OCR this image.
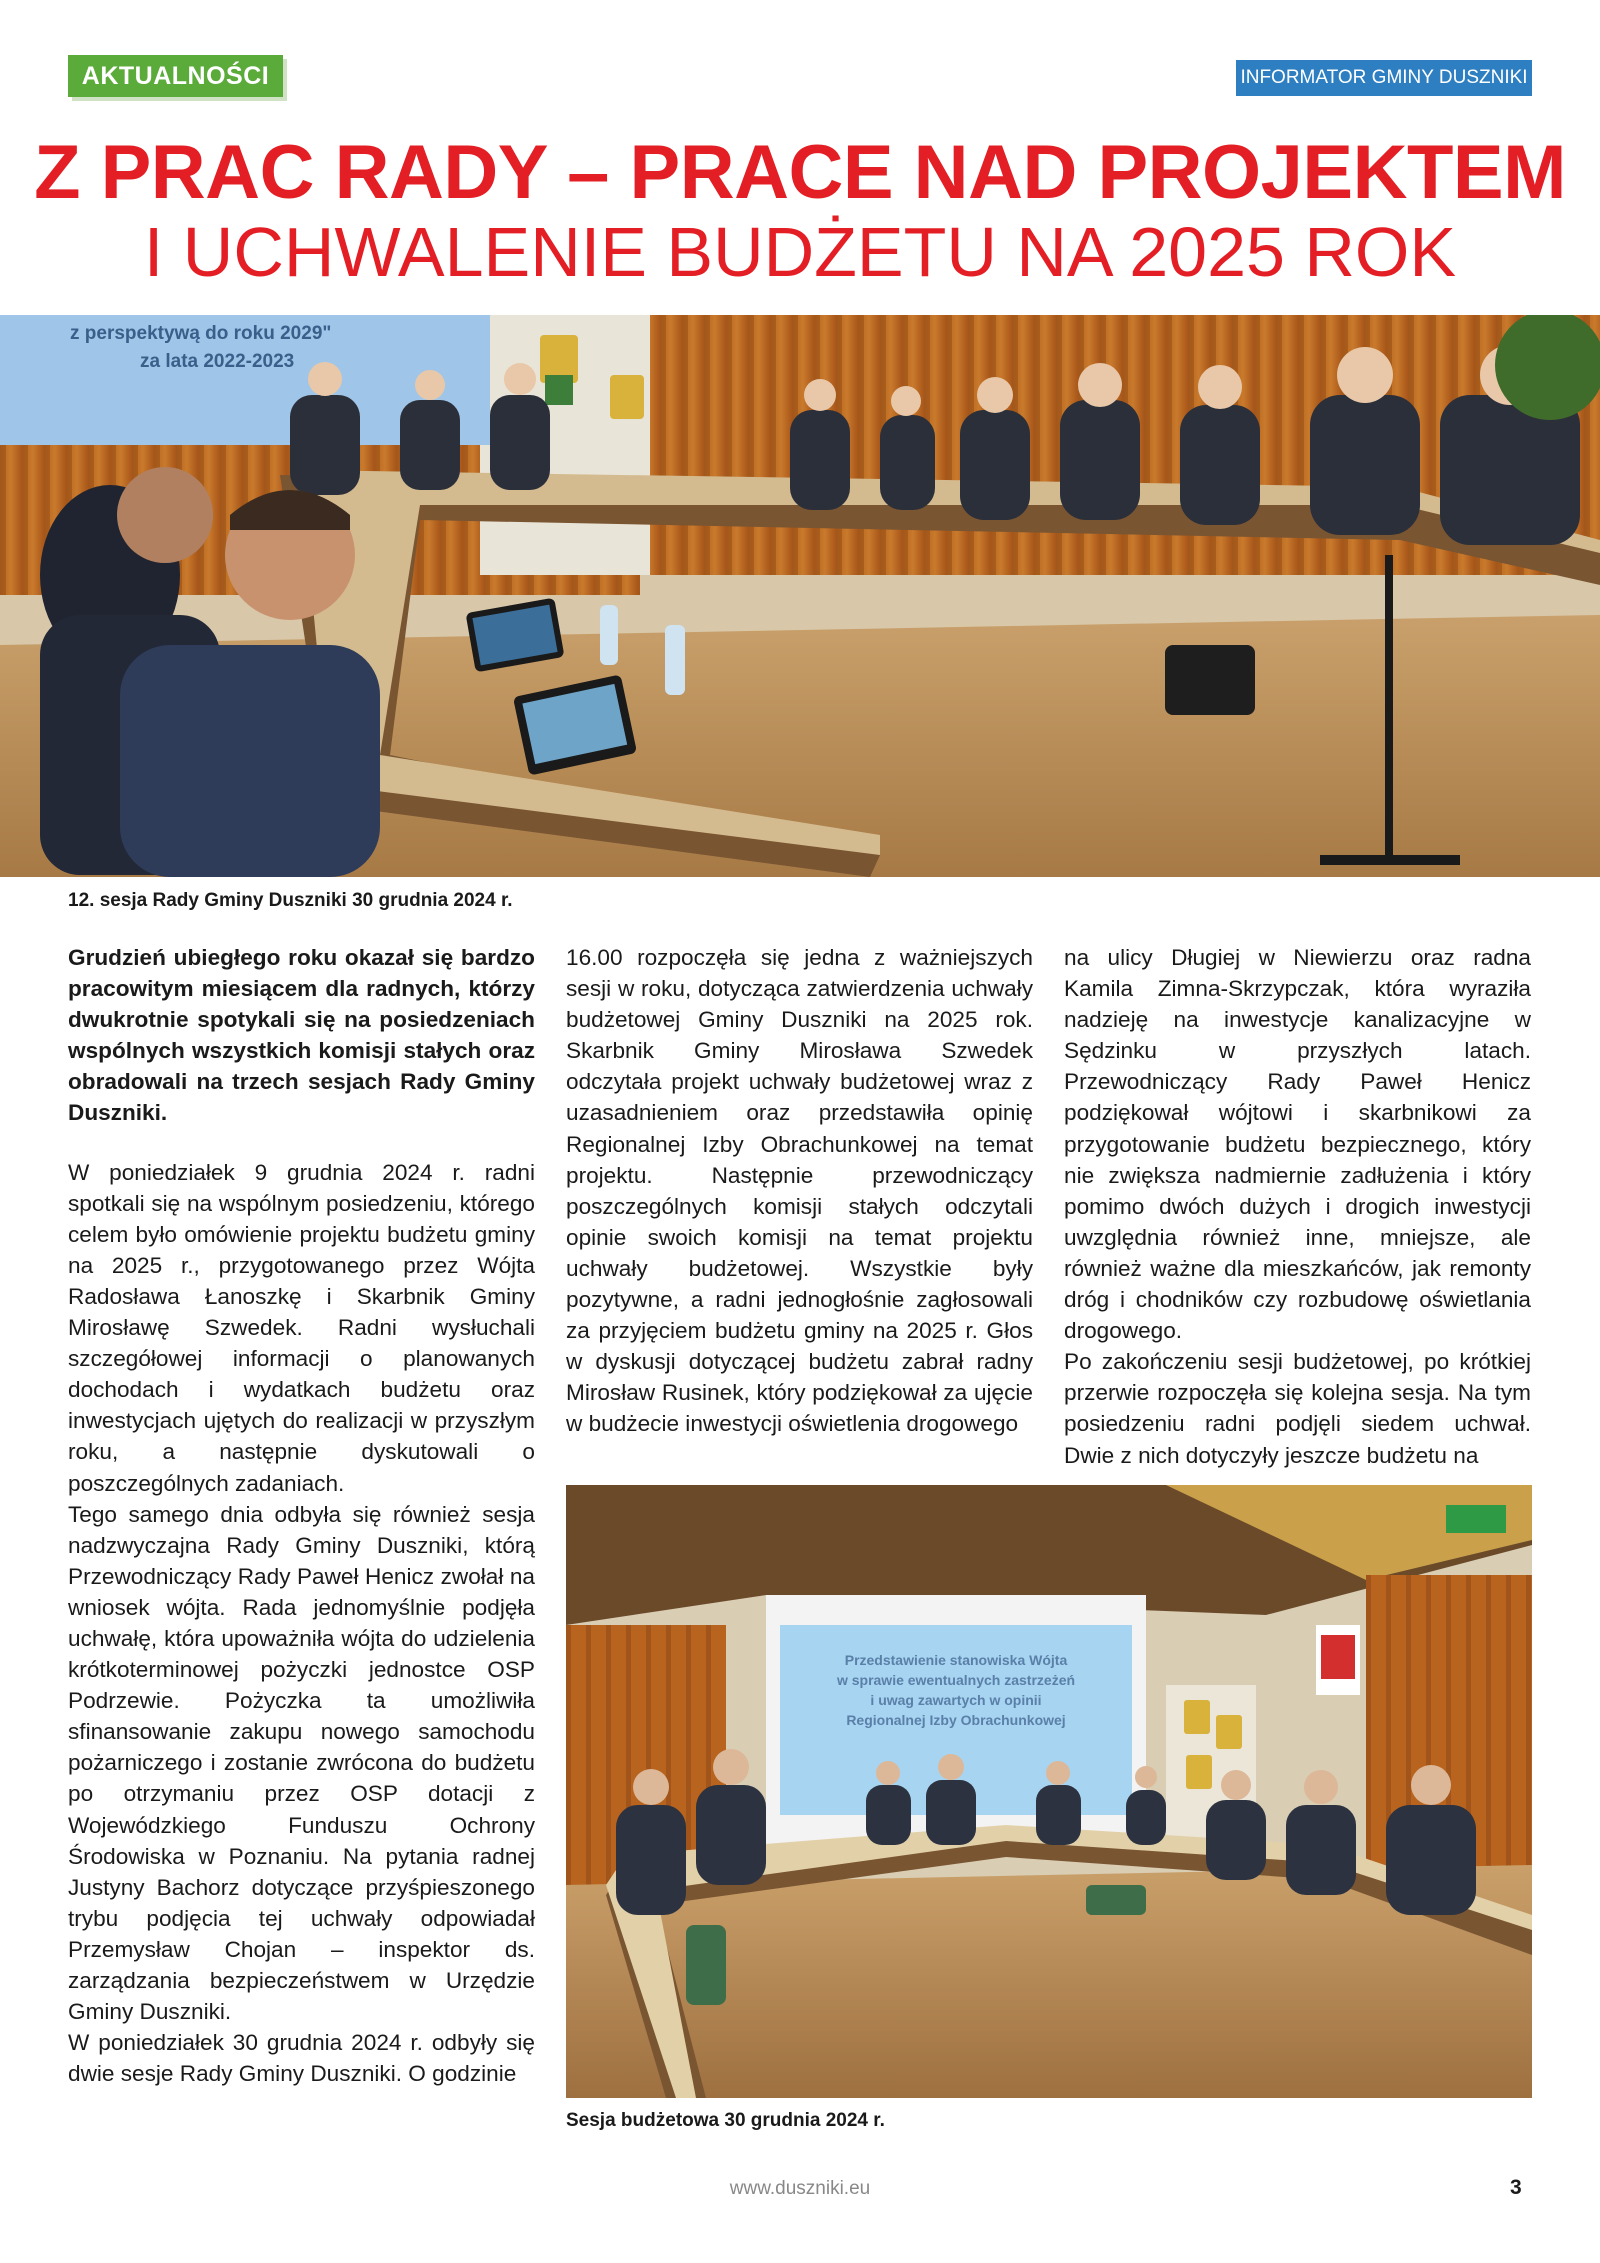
AKTUALNOŚCI	INFORMATOR GMINY DUSZNIKI
Z PRAC RADY – PRACE NAD PROJEKTEM
I UCHWALENIE BUDŻETU NA 2025 ROK
z perspektywą do roku 2029"
za lata 2022-2023
12. sesja Rady Gminy Duszniki 30 grudnia 2024 r.

Grudzień ubiegłego roku okazał się bardzo pracowitym miesiącem dla radnych, którzy dwukrotnie spotykali się na posiedzeniach wspólnych wszystkich komisji stałych oraz obradowali na trzech sesjach Rady Gminy Duszniki.

W poniedziałek 9 grudnia 2024 r. radni spotkali się na wspólnym posiedzeniu, którego celem było omówienie projektu budżetu gminy na 2025 r., przygotowanego przez Wójta Radosława Łanoszkę i Skarbnik Gminy Mirosławę Szwedek. Radni wysłuchali szczegółowej informacji o planowanych dochodach i wydatkach budżetu oraz inwestycjach ujętych do realizacji w przyszłym roku, a następnie dyskutowali o poszczególnych zadaniach.

Tego samego dnia odbyła się również sesja nadzwyczajna Rady Gminy Duszniki, którą Przewodniczący Rady Paweł Henicz zwołał na wniosek wójta. Rada jednomyślnie podjęła uchwałę, która upoważniła wójta do udzielenia krótkoterminowej pożyczki jednostce OSP Podrzewie. Pożyczka ta umożliwiła sfinansowanie zakupu nowego samochodu pożarniczego i zostanie zwrócona do budżetu po otrzymaniu przez OSP dotacji z Wojewódzkiego Funduszu Ochrony Środowiska w Poznaniu. Na pytania radnej Justyny Bachorz dotyczące przyśpieszonego trybu podjęcia tej uchwały odpowiadał Przemysław Chojan – inspektor ds. zarządzania bezpieczeństwem w Urzędzie Gminy Duszniki.

W poniedziałek 30 grudnia 2024 r. odbyły się dwie sesje Rady Gminy Duszniki. O godzinie

16.00 rozpoczęła się jedna z ważniejszych sesji w roku, dotycząca zatwierdzenia uchwały budżetowej Gminy Duszniki na 2025 rok. Skarbnik Gminy Mirosława Szwedek odczytała projekt uchwały budżetowej wraz z uzasadnieniem oraz przedstawiła opinię Regionalnej Izby Obrachunkowej na temat projektu. Następnie przewodniczący poszczególnych komisji stałych odczytali opinie swoich komisji na temat projektu uchwały budżetowej. Wszystkie były pozytywne, a radni jednogłośnie zagłosowali za przyjęciem budżetu gminy na 2025 r. Głos w dyskusji dotyczącej budżetu zabrał radny Mirosław Rusinek, który podziękował za ujęcie w budżecie inwestycji oświetlenia drogowego

na ulicy Długiej w Niewierzu oraz radna Kamila Zimna-Skrzypczak, która wyraziła nadzieję na inwestycje kanalizacyjne w Sędzinku w przyszłych latach. Przewodniczący Rady Paweł Henicz podziękował wójtowi i skarbnikowi za przygotowanie budżetu bezpiecznego, który nie zwiększa nadmiernie zadłużenia i który pomimo dwóch dużych i drogich inwestycji uwzględnia również inne, mniejsze, ale również ważne dla mieszkańców, jak remonty dróg i chodników czy rozbudowę oświetlania drogowego.

Po zakończeniu sesji budżetowej, po krótkiej przerwie rozpoczęła się kolejna sesja. Na tym posiedzeniu radni podjęli siedem uchwał. Dwie z nich dotyczyły jeszcze budżetu na

Przedstawienie stanowiska Wójta
w sprawie ewentualnych zastrzeżeń
i uwag zawartych w opinii
Regionalnej Izby Obrachunkowej
Sesja budżetowa 30 grudnia 2024 r.
www.duszniki.eu	3
